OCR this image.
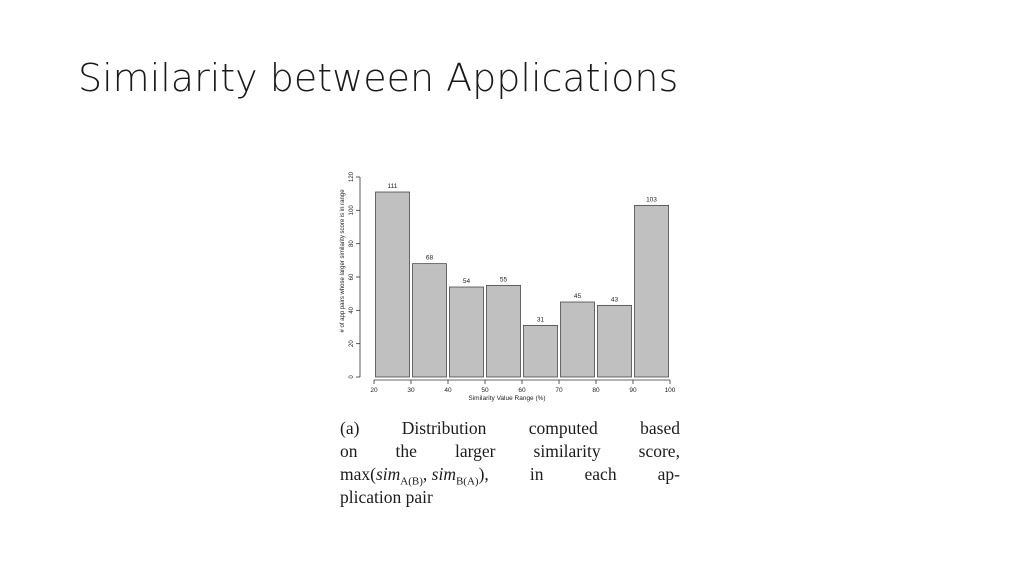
Similarity between Applications
0
20
40
60
80
100
120
20	30	40	50	60	70	80	90	100
111
68
54	55
31
45	43
103
Similarity Value Range (%)
# of app pairs whose larger similarity score is in range
(a) Distribution computed based
on the larger similarity score,
max(sim$_{A(B)}$, sim$_{B(A)}$), in each ap-
plication pair
